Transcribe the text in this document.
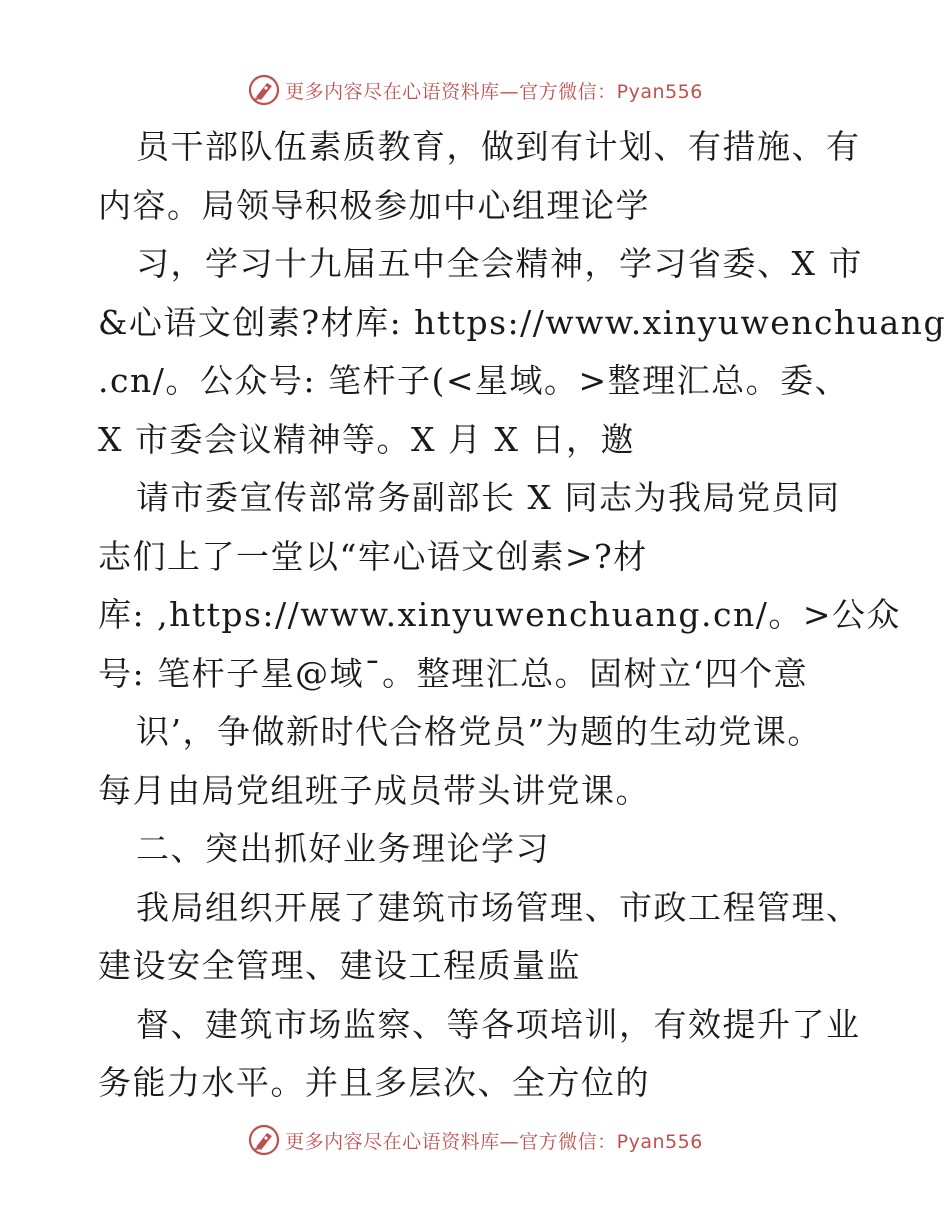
更多内容尽在心语资料库—官方微信：Pyan556
员干部队伍素质教育，做到有计划、有措施、有
内容。局领导积极参加中心组理论学
习，学习十九届五中全会精神，学习省委、X 市
&心语文创素?材库: https://www.xinyuwenchuang
.cn/。公众号: 笔杆子(<星域。>整理汇总。委、
X 市委会议精神等。X 月 X 日，邀
请市委宣传部常务副部长 X 同志为我局党员同
志们上了一堂以“牢心语文创素>?材
库: ,https://www.xinyuwenchuang.cn/。>公众
号: 笔杆子星@域¯。整理汇总。固树立‘四个意
识’，争做新时代合格党员”为题的生动党课。
每月由局党组班子成员带头讲党课。
二、突出抓好业务理论学习
我局组织开展了建筑市场管理、市政工程管理、
建设安全管理、建设工程质量监
督、建筑市场监察、等各项培训，有效提升了业
务能力水平。并且多层次、全方位的
更多内容尽在心语资料库—官方微信：Pyan556
